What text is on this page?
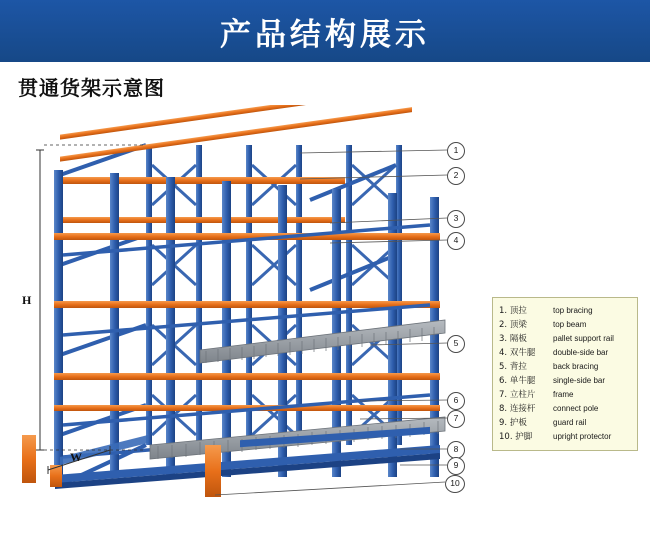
产品结构展示
贯通货架示意图
H
W
1
2
3
4
5
6
7
8
9
10
1. 顶拉	top bracing
2. 顶梁	top beam
3. 隔板	pallet support rail
4. 双牛腿	double-side bar
5. 背拉	back bracing
6. 单牛腿	single-side bar
7. 立柱片	frame
8. 连接杆	connect pole
9. 护板	guard rail
10. 护脚	upright protector
